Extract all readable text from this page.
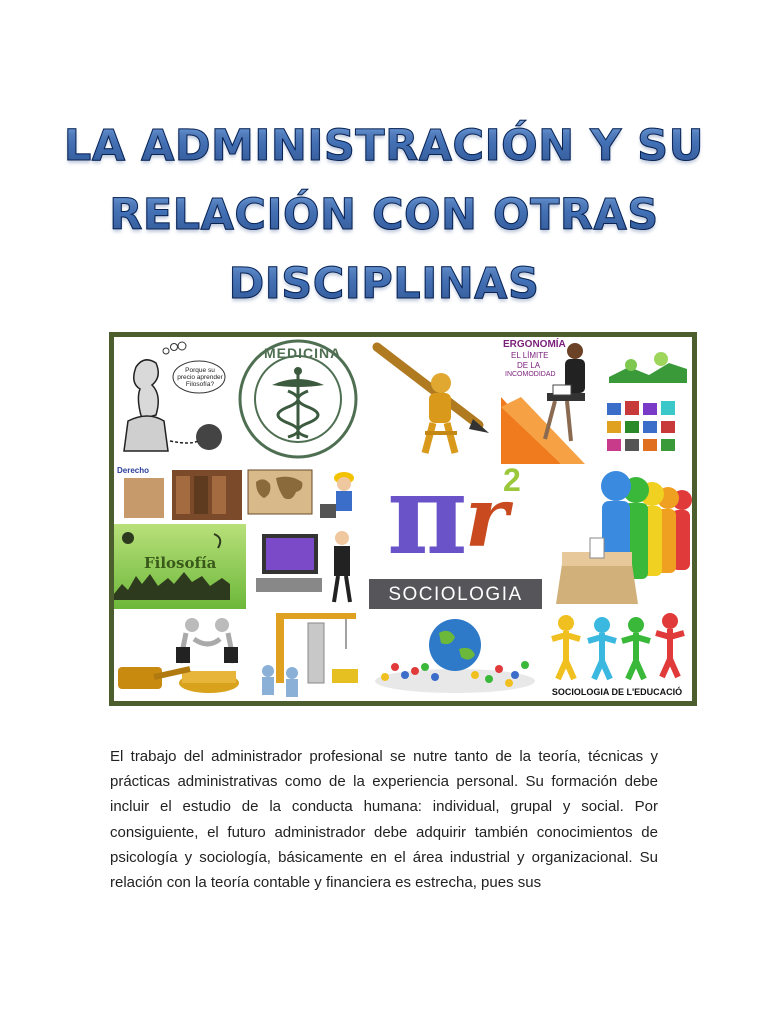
LA ADMINISTRACIÓN Y SU
RELACIÓN CON OTRAS
DISCIPLINAS
Porque su precio aprender Filosofía?
MEDICINA
ERGONOMÍA
EL LÍMITE
DE LA
INCOMODIDAD
Derecho
Filosofía π
r
2
SOCIOLOGIA
SOCIOLOGIA DE L'EDUCACIÓ

El trabajo del administrador profesional se nutre tanto de la teoría, técnicas y prácticas administrativas como de la experiencia personal. Su formación debe incluir el estudio de la conducta humana: individual, grupal y social. Por consiguiente, el futuro administrador debe adquirir también conocimientos de psicología y sociología, básicamente en el área industrial y organizacional. Su relación con la teoría contable y financiera es estrecha, pues sus
